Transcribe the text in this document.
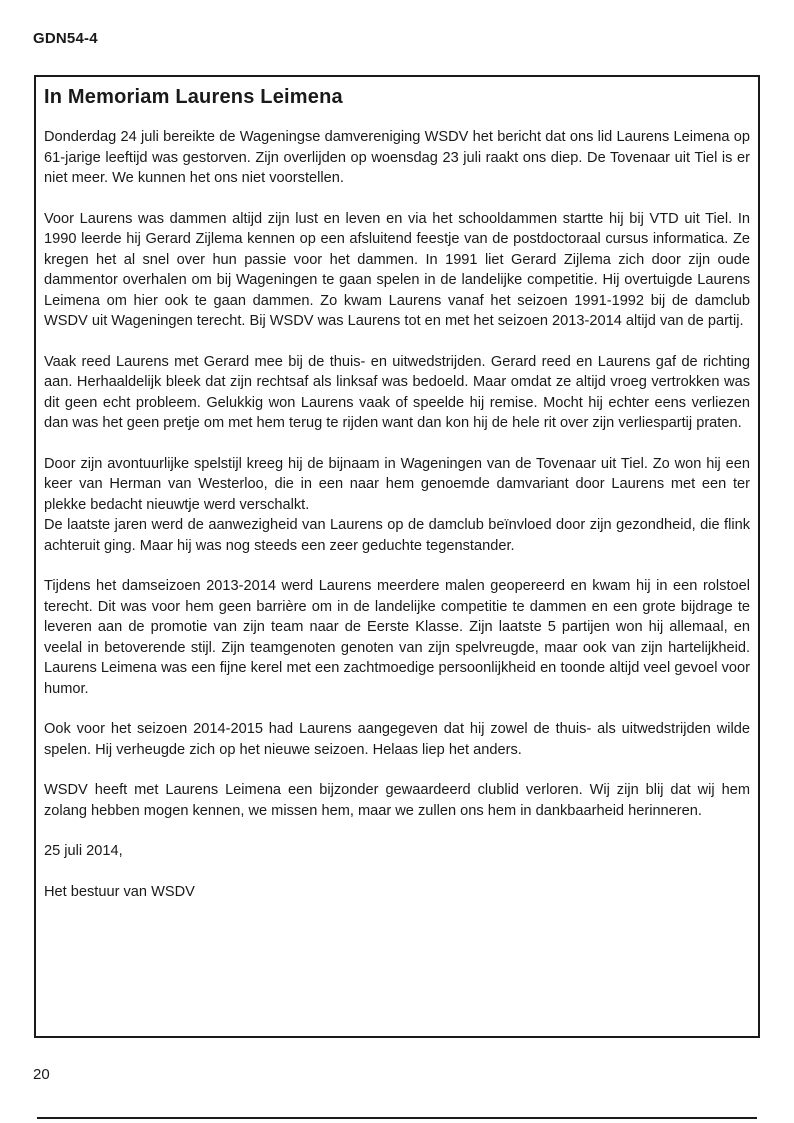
GDN54-4
In Memoriam Laurens Leimena

Donderdag 24 juli bereikte de Wageningse damvereniging WSDV het bericht dat ons lid Laurens Leimena op 61-jarige leeftijd was gestorven. Zijn overlijden op woensdag 23 juli raakt ons diep. De Tovenaar uit Tiel is er niet meer. We kunnen het ons niet voorstellen.

Voor Laurens was dammen altijd zijn lust en leven en via het schooldammen startte hij bij VTD uit Tiel. In 1990 leerde hij Gerard Zijlema kennen op een afsluitend feestje van de postdoctoraal cursus informatica. Ze kregen het al snel over hun passie voor het dammen. In 1991 liet Gerard Zijlema zich door zijn oude dammentor overhalen om bij Wageningen te gaan spelen in de landelijke competitie. Hij overtuigde Laurens Leimena om hier ook te gaan dammen. Zo kwam Laurens vanaf het seizoen 1991-1992 bij de damclub WSDV uit Wageningen terecht. Bij WSDV was Laurens tot en met het seizoen 2013-2014 altijd van de partij.

Vaak reed Laurens met Gerard mee bij de thuis- en uitwedstrijden. Gerard reed en Laurens gaf de richting aan. Herhaaldelijk bleek dat zijn rechtsaf als linksaf was bedoeld. Maar omdat ze altijd vroeg vertrokken was dit geen echt probleem. Gelukkig won Laurens vaak of speelde hij remise. Mocht hij echter eens verliezen dan was het geen pretje om met hem terug te rijden want dan kon hij de hele rit over zijn verliespartij praten.

Door zijn avontuurlijke spelstijl kreeg hij de bijnaam in Wageningen van de Tovenaar uit Tiel. Zo won hij een keer van Herman van Westerloo, die in een naar hem genoemde damvariant door Laurens met een ter plekke bedacht nieuwtje werd verschalkt.

De laatste jaren werd de aanwezigheid van Laurens op de damclub beïnvloed door zijn gezondheid, die flink achteruit ging. Maar hij was nog steeds een zeer geduchte tegenstander.

Tijdens het damseizoen 2013-2014 werd Laurens meerdere malen geopereerd en kwam hij in een rolstoel terecht. Dit was voor hem geen barrière om in de landelijke competitie te dammen en een grote bijdrage te leveren aan de promotie van zijn team naar de Eerste Klasse. Zijn laatste 5 partijen won hij allemaal, en veelal in betoverende stijl. Zijn teamgenoten genoten van zijn spelvreugde, maar ook van zijn hartelijkheid. Laurens Leimena was een fijne kerel met een zachtmoedige persoonlijkheid en toonde altijd veel gevoel voor humor.

Ook voor het seizoen 2014-2015 had Laurens aangegeven dat hij zowel de thuis- als uitwedstrijden wilde spelen. Hij verheugde zich op het nieuwe seizoen. Helaas liep het anders.

WSDV heeft met Laurens Leimena een bijzonder gewaardeerd clublid verloren. Wij zijn blij dat wij hem zolang hebben mogen kennen, we missen hem, maar we zullen ons hem in dankbaarheid herinneren.

25 juli 2014,

Het bestuur van WSDV

20
